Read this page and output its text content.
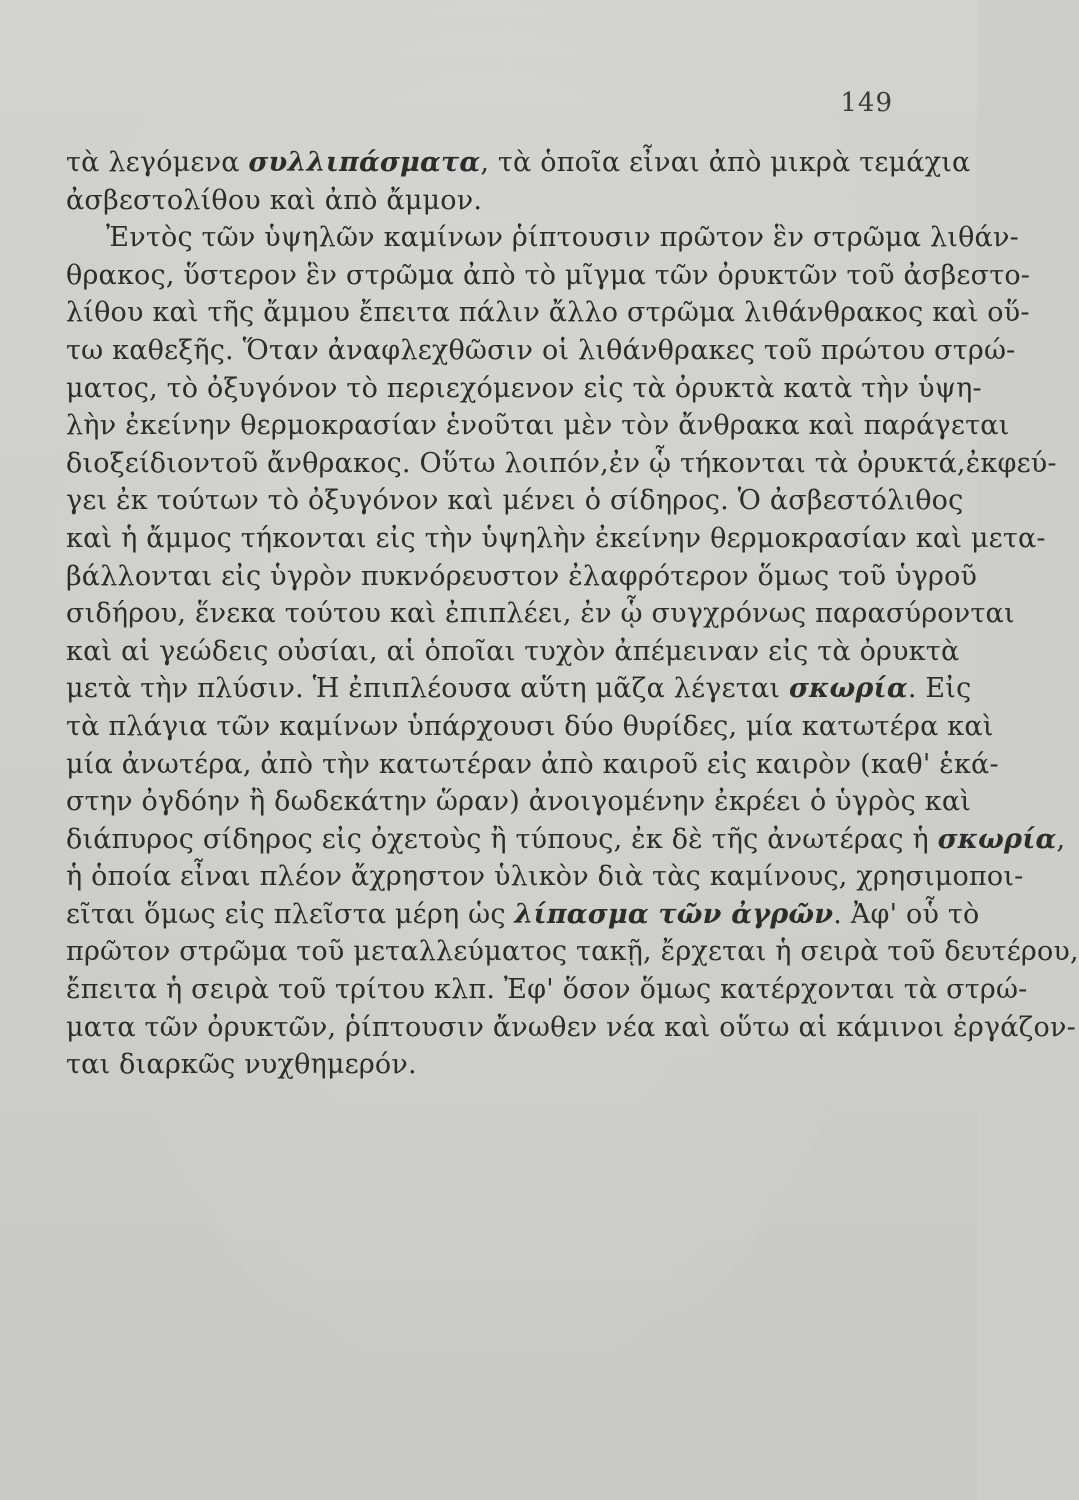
149
τὰ λεγόμενα συλλιπάσματα, τὰ ὁποῖα εἶναι ἀπὸ μικρὰ τεμάχια
ἀσβεστολίθου καὶ ἀπὸ ἄμμον.
Ἐντὸς τῶν ὑψηλῶν καμίνων ῥίπτουσιν πρῶτον ἓν στρῶμα λιθάν-
θρακος, ὕστερον ἓν στρῶμα ἀπὸ τὸ μῖγμα τῶν ὀρυκτῶν τοῦ ἀσβεστο-
λίθου καὶ τῆς ἄμμου ἔπειτα πάλιν ἄλλο στρῶμα λιθάνθρακος καὶ οὕ-
τω καθεξῆς. Ὅταν ἀναφλεχθῶσιν οἱ λιθάνθρακες τοῦ πρώτου στρώ-
ματος, τὸ ὀξυγόνον τὸ περιεχόμενον εἰς τὰ ὀρυκτὰ κατὰ τὴν ὑψη-
λὴν ἐκείνην θερμοκρασίαν ἑνοῦται μὲν τὸν ἄνθρακα καὶ παράγεται
διοξείδιοντοῦ ἄνθρακος. Οὕτω λοιπόν,ἐν ᾧ τήκονται τὰ ὀρυκτά,ἐκφεύ-
γει ἐκ τούτων τὸ ὀξυγόνον καὶ μένει ὁ σίδηρος. Ὁ ἀσβεστόλιθος
καὶ ἡ ἄμμος τήκονται εἰς τὴν ὑψηλὴν ἐκείνην θερμοκρασίαν καὶ μετα-
βάλλονται εἰς ὑγρὸν πυκνόρευστον ἐλαφρότερον ὅμως τοῦ ὑγροῦ
σιδήρου, ἕνεκα τούτου καὶ ἐπιπλέει, ἐν ᾧ συγχρόνως παρασύρονται
καὶ αἱ γεώδεις οὐσίαι, αἱ ὁποῖαι τυχὸν ἀπέμειναν εἰς τὰ ὀρυκτὰ
μετὰ τὴν πλύσιν. Ἡ ἐπιπλέουσα αὕτη μᾶζα λέγεται σκωρία. Εἰς
τὰ πλάγια τῶν καμίνων ὑπάρχουσι δύο θυρίδες, μία κατωτέρα καὶ
μία ἀνωτέρα, ἀπὸ τὴν κατωτέραν ἀπὸ καιροῦ εἰς καιρὸν (καθ' ἑκά-
στην ὀγδόην ἢ δωδεκάτην ὥραν) ἀνοιγομένην ἐκρέει ὁ ὑγρὸς καὶ
διάπυρος σίδηρος εἰς ὀχετοὺς ἢ τύπους, ἐκ δὲ τῆς ἀνωτέρας ἡ σκωρία,
ἡ ὁποία εἶναι πλέον ἄχρηστον ὑλικὸν διὰ τὰς καμίνους, χρησιμοποι-
εῖται ὅμως εἰς πλεῖστα μέρη ὡς λίπασμα τῶν ἀγρῶν. Ἀφ' οὗ τὸ
πρῶτον στρῶμα τοῦ μεταλλεύματος τακῇ, ἔρχεται ἡ σειρὰ τοῦ δευτέρου,
ἔπειτα ἡ σειρὰ τοῦ τρίτου κλπ. Ἐφ' ὅσον ὅμως κατέρχονται τὰ στρώ-
ματα τῶν ὀρυκτῶν, ῥίπτουσιν ἄνωθεν νέα καὶ οὕτω αἱ κάμινοι ἐργάζον-
ται διαρκῶς νυχθημερόν.
